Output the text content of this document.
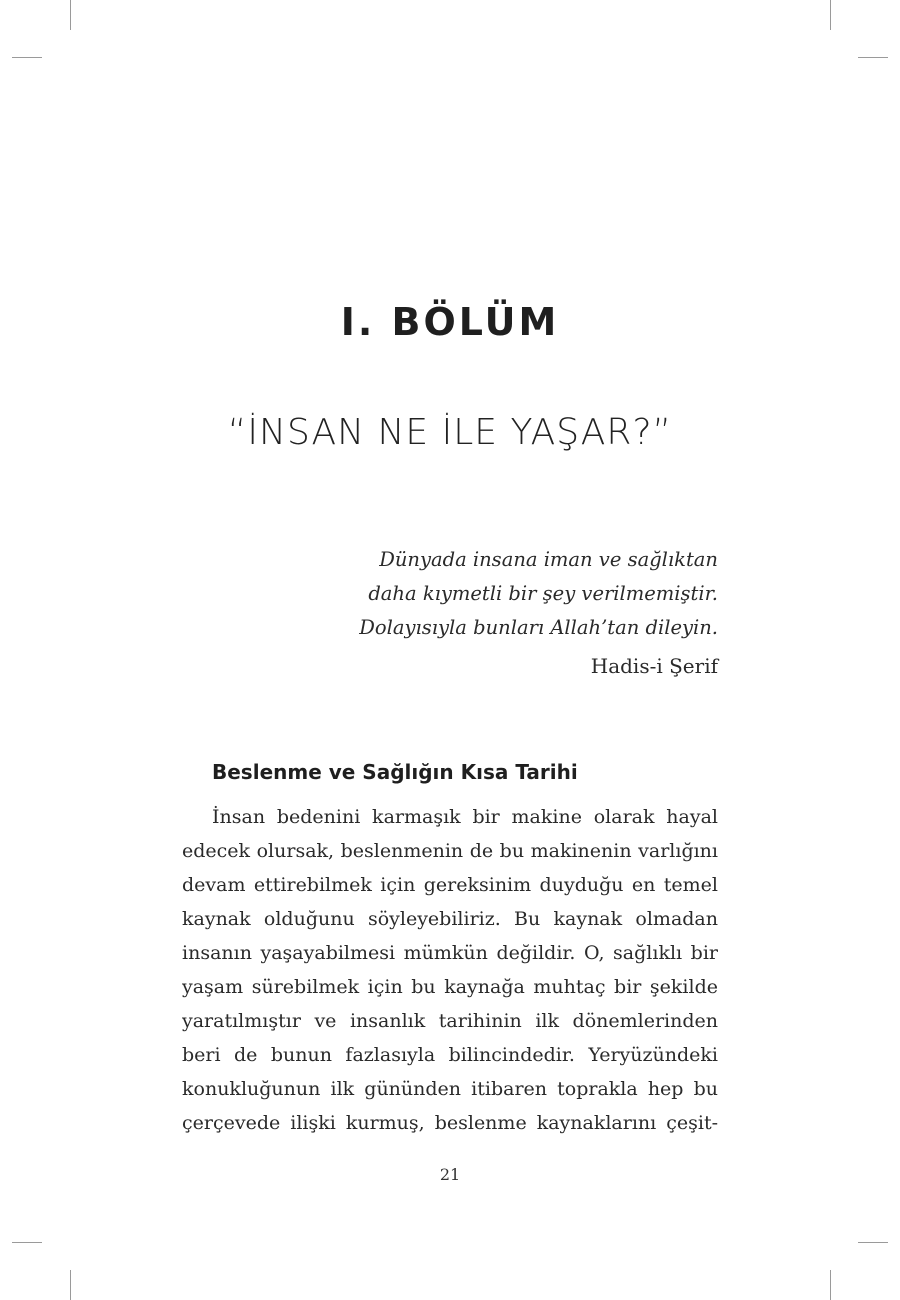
I. BÖLÜM
“İNSAN NE İLE YAŞAR?”
Dünyada insana iman ve sağlıktan
daha kıymetli bir şey verilmemiştir.
Dolayısıyla bunları Allah’tan dileyin.
Hadis-i Şerif
Beslenme ve Sağlığın Kısa Tarihi
İnsan bedenini karmaşık bir makine olarak hayal
edecek olursak, beslenmenin de bu makinenin varlığını
devam ettirebilmek için gereksinim duyduğu en temel
kaynak olduğunu söyleyebiliriz. Bu kaynak olmadan
insanın yaşayabilmesi mümkün değildir. O, sağlıklı bir
yaşam sürebilmek için bu kaynağa muhtaç bir şekilde
yaratılmıştır ve insanlık tarihinin ilk dönemlerinden
beri de bunun fazlasıyla bilincindedir. Yeryüzündeki
konukluğunun ilk gününden itibaren toprakla hep bu
çerçevede ilişki kurmuş, beslenme kaynaklarını çeşit-
21
